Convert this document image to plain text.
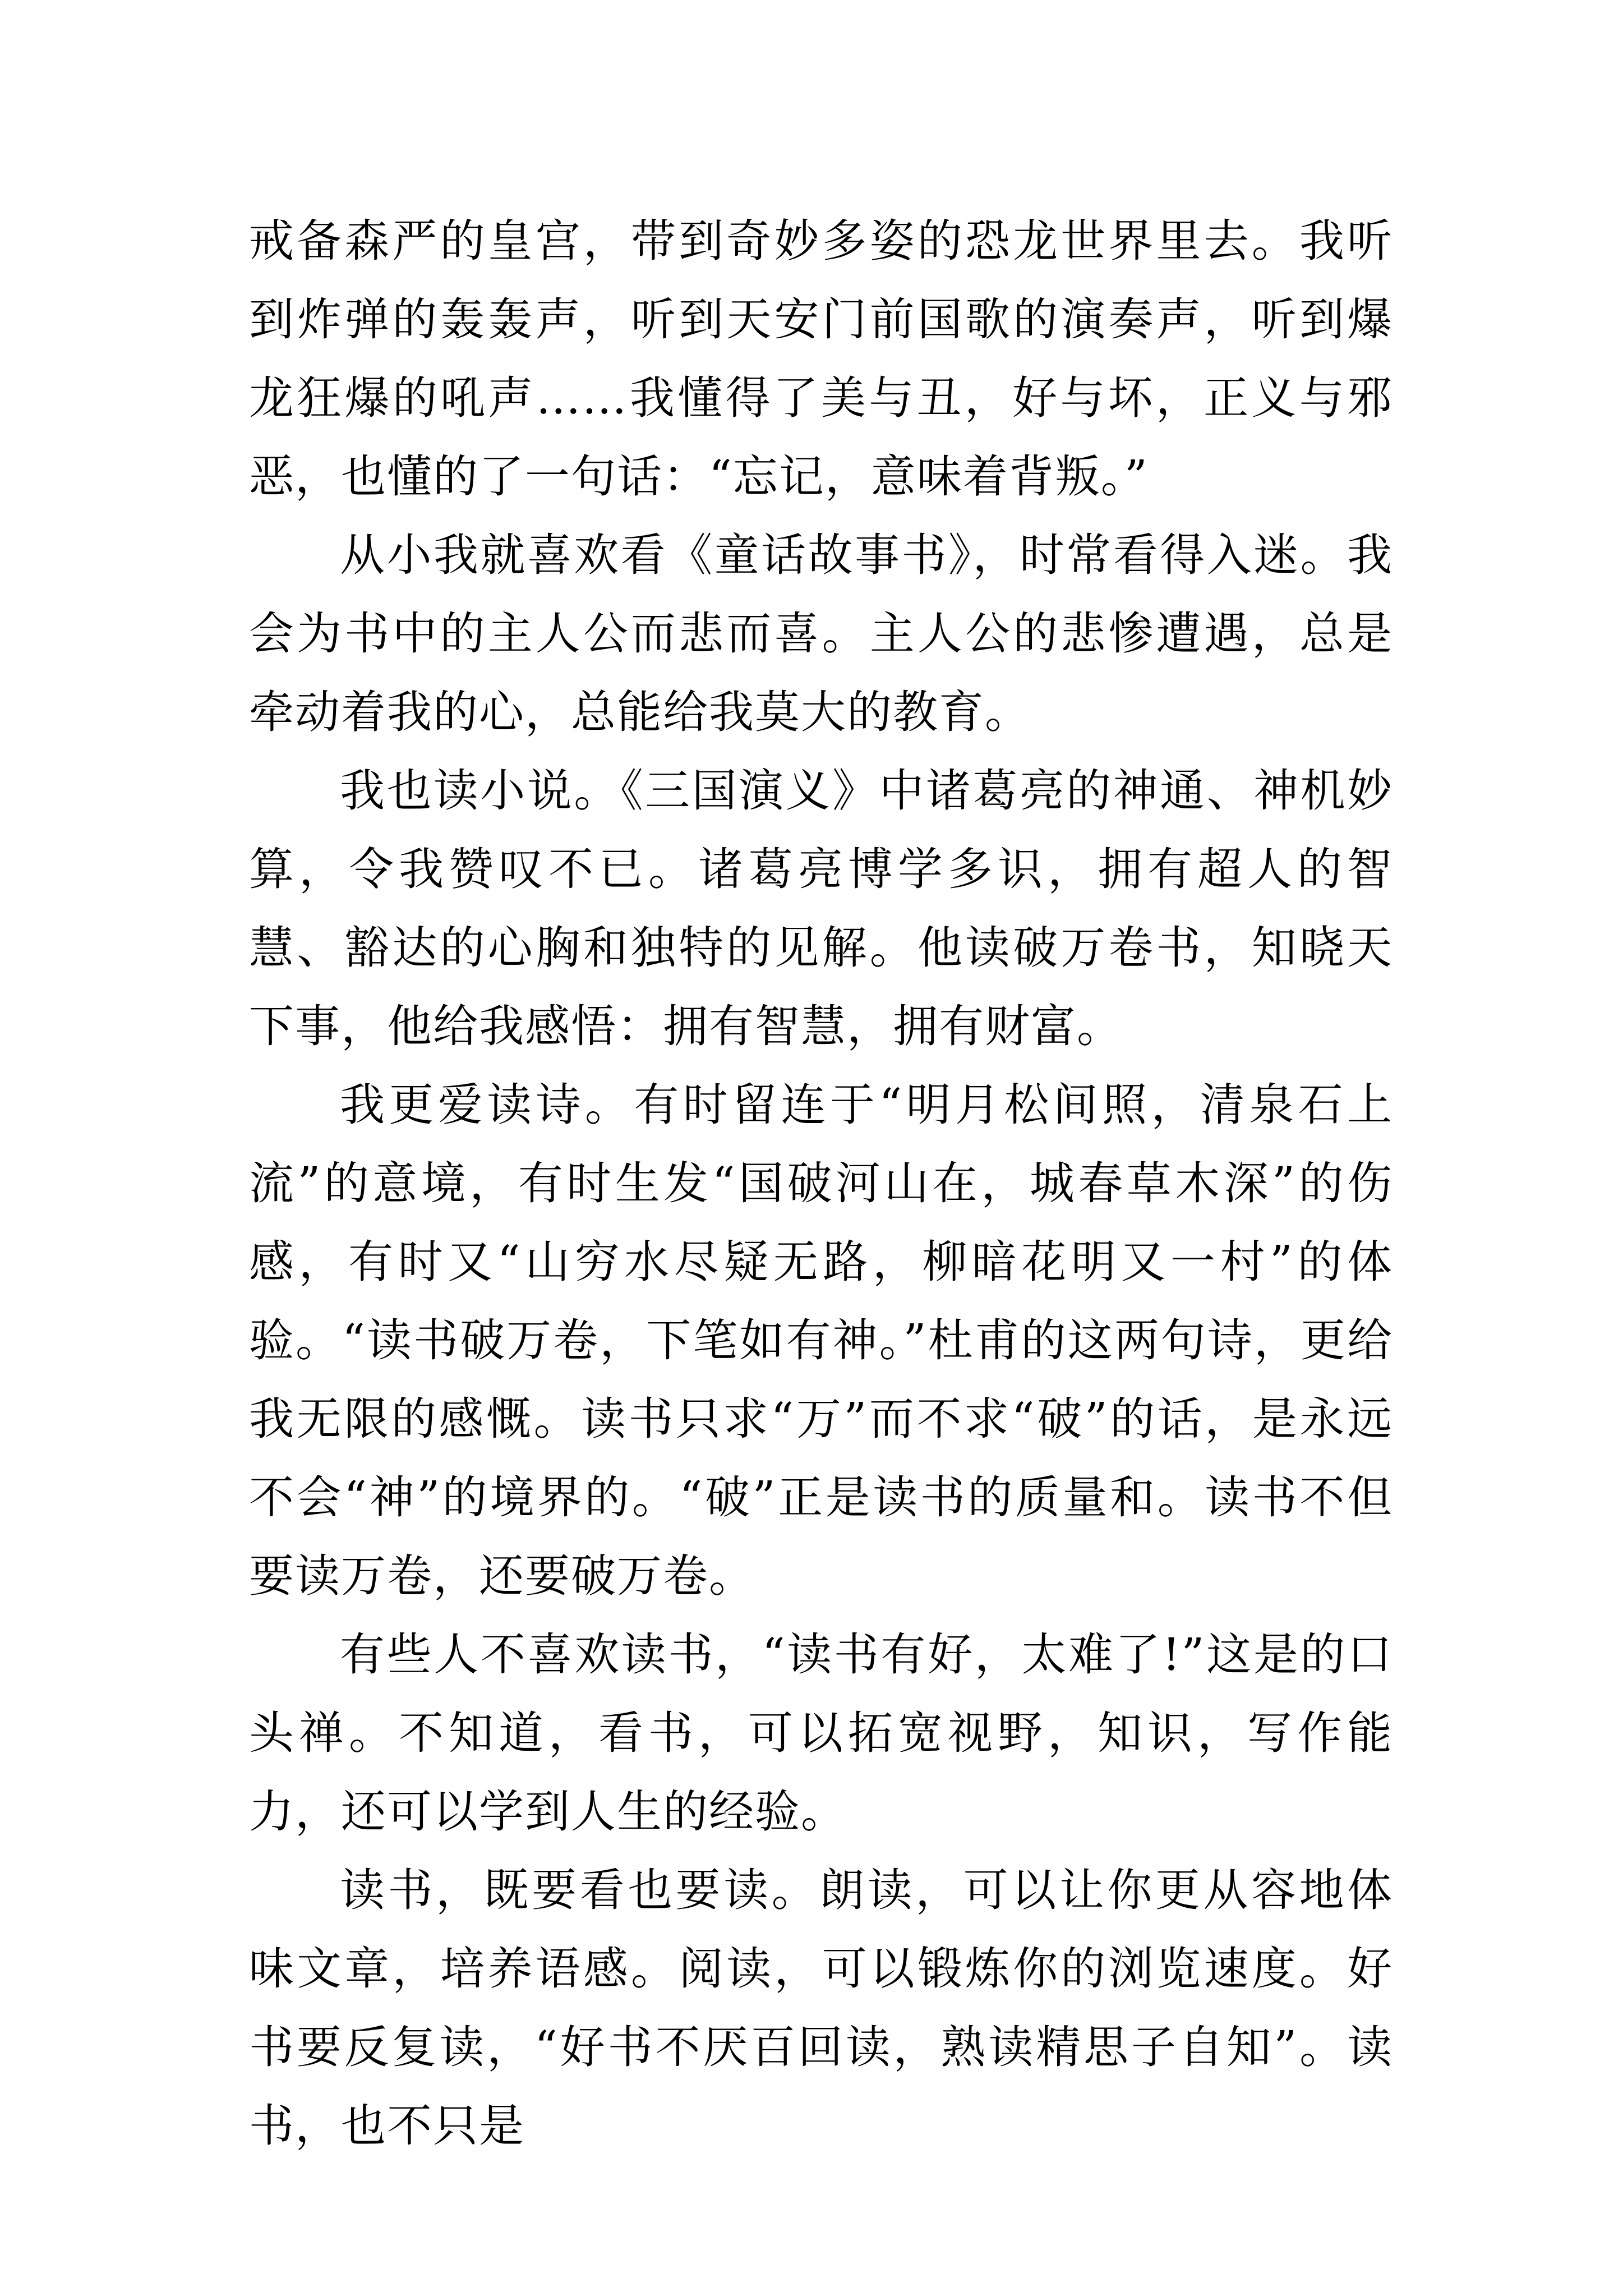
戒备森严的皇宫，带到奇妙多姿的恐龙世界里去。我听到炸弹的轰轰声，听到天安门前国歌的演奏声，听到爆龙狂爆的吼声……我懂得了美与丑，好与坏，正义与邪恶，也懂的了一句话：“忘记，意味着背叛。”

从小我就喜欢看《童话故事书》，时常看得入迷。我会为书中的主人公而悲而喜。主人公的悲惨遭遇，总是牵动着我的心，总能给我莫大的教育。

我也读小说。《三国演义》中诸葛亮的神通、神机妙算，令我赞叹不已。诸葛亮博学多识，拥有超人的智慧、豁达的心胸和独特的见解。他读破万卷书，知晓天下事，他给我感悟：拥有智慧，拥有财富。

我更爱读诗。有时留连于“明月松间照，清泉石上流”的意境，有时生发“国破河山在，城春草木深”的伤感，有时又“山穷水尽疑无路，柳暗花明又一村”的体验。“读书破万卷，下笔如有神。”杜甫的这两句诗，更给我无限的感慨。读书只求“万”而不求“破”的话，是永远不会“神”的境界的。“破”正是读书的质量和。读书不但要读万卷，还要破万卷。

有些人不喜欢读书，“读书有好，太难了!”这是的口头禅。不知道，看书，可以拓宽视野，知识，写作能力，还可以学到人生的经验。

读书，既要看也要读。朗读，可以让你更从容地体味文章，培养语感。阅读，可以锻炼你的浏览速度。好书要反复读，“好书不厌百回读，熟读精思子自知”。读书，也不只是
